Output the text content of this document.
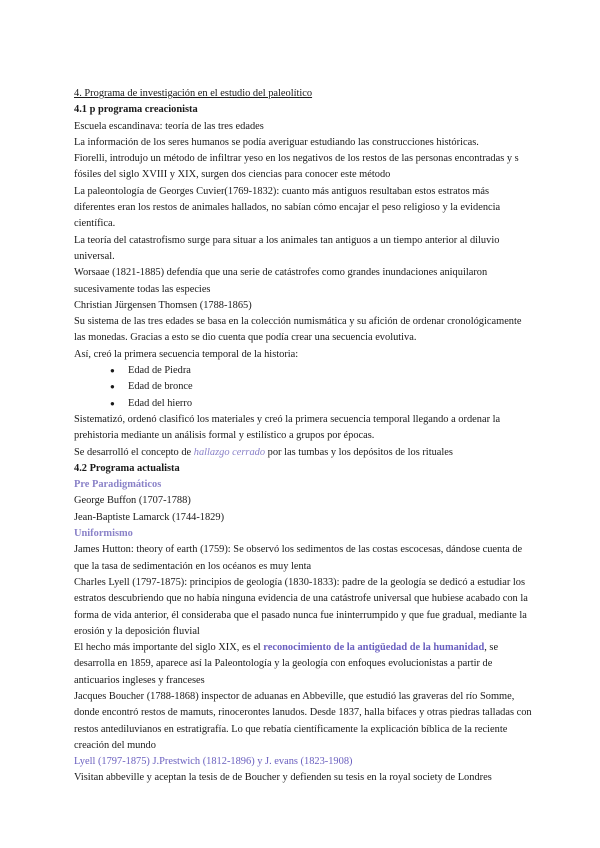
4. Programa de investigación en el estudio del paleolítico

4.1 p programa creacionista

Escuela escandinava: teoría de las tres edades

La información de los seres humanos se podía averiguar estudiando las construcciones históricas.

Fiorelli, introdujo un método de infiltrar yeso en los negativos de los restos de las personas encontradas y s fósiles del siglo XVIII y XIX, surgen dos ciencias para conocer este método

La paleontología de Georges Cuvier(1769-1832): cuanto más antiguos resultaban estos estratos más diferentes eran los restos de animales hallados, no sabían cómo encajar el peso religioso y la evidencia científica.

La teoría del catastrofismo surge para situar a los animales tan antiguos a un tiempo anterior al diluvio universal.

Worsaae (1821-1885) defendía que una serie de catástrofes como grandes inundaciones aniquilaron sucesivamente todas las especies

Christian Jürgensen Thomsen (1788-1865)

Su sistema de las tres edades se basa en la colección numismática y su afición de ordenar cronológicamente las monedas. Gracias a esto se dio cuenta que podía crear una secuencia evolutiva.

Así, creó la primera secuencia temporal de la historia:

● Edad de Piedra
● Edad de bronce
● Edad del hierro

Sistematizó, ordenó clasificó los materiales y creó la primera secuencia temporal llegando a ordenar la prehistoria mediante un análisis formal y estilístico a grupos por épocas.

Se desarrolló el concepto de hallazgo cerrado por las tumbas y los depósitos de los rituales

4.2 Programa actualista

Pre Paradigmáticos

George Buffon (1707-1788)

Jean-Baptiste Lamarck (1744-1829)

Uniformismo

James Hutton: theory of earth (1759): Se observó los sedimentos de las costas escocesas, dándose cuenta de que la tasa de sedimentación en los océanos es muy lenta

Charles Lyell (1797-1875): principios de geología (1830-1833): padre de la geología se dedicó a estudiar los estratos descubriendo que no había ninguna evidencia de una catástrofe universal que hubiese acabado con la forma de vida anterior, él consideraba que el pasado nunca fue ininterrumpido y que fue gradual, mediante la erosión y la deposición fluvial

El hecho más importante del siglo XIX, es el reconocimiento de la antigüedad de la humanidad, se desarrolla en 1859, aparece así la Paleontología y la geología con enfoques evolucionistas a partir de anticuarios ingleses y franceses

Jacques Boucher (1788-1868) inspector de aduanas en Abbeville, que estudió las graveras del río Somme, donde encontró restos de mamuts, rinocerontes lanudos. Desde 1837, halla bifaces y otras piedras talladas con restos antediluvianos en estratigrafía. Lo que rebatía científicamente la explicación bíblica de la reciente creación del mundo

Lyell (1797-1875) J.Prestwich (1812-1896) y J. evans (1823-1908)

Visitan abbeville y aceptan la tesis de de Boucher y defienden su tesis en la royal society de Londres
